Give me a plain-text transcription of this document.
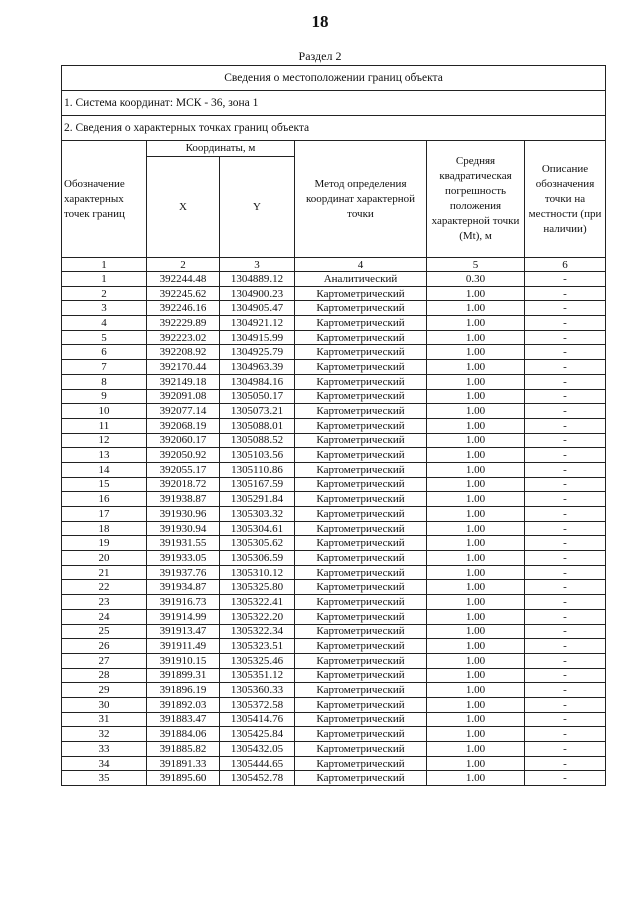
18
Раздел 2
Сведения о местоположении границ объекта					
1. Система координат: МСК - 36, зона 1					
2. Сведения о характерных точках границ объекта					
Обозначение характерных точек границ	Координаты, м		Метод определения координат характерной точки	Средняя квадратическая погрешность положения характерной точки (Mt), м	Описание обозначения точки на местности (при наличии)
	X	Y			
1	2	3	4	5	6
1	392244.48	1304889.12	Аналитический	0.30	-
2	392245.62	1304900.23	Картометрический	1.00	-
3	392246.16	1304905.47	Картометрический	1.00	-
4	392229.89	1304921.12	Картометрический	1.00	-
5	392223.02	1304915.99	Картометрический	1.00	-
6	392208.92	1304925.79	Картометрический	1.00	-
7	392170.44	1304963.39	Картометрический	1.00	-
8	392149.18	1304984.16	Картометрический	1.00	-
9	392091.08	1305050.17	Картометрический	1.00	-
10	392077.14	1305073.21	Картометрический	1.00	-
11	392068.19	1305088.01	Картометрический	1.00	-
12	392060.17	1305088.52	Картометрический	1.00	-
13	392050.92	1305103.56	Картометрический	1.00	-
14	392055.17	1305110.86	Картометрический	1.00	-
15	392018.72	1305167.59	Картометрический	1.00	-
16	391938.87	1305291.84	Картометрический	1.00	-
17	391930.96	1305303.32	Картометрический	1.00	-
18	391930.94	1305304.61	Картометрический	1.00	-
19	391931.55	1305305.62	Картометрический	1.00	-
20	391933.05	1305306.59	Картометрический	1.00	-
21	391937.76	1305310.12	Картометрический	1.00	-
22	391934.87	1305325.80	Картометрический	1.00	-
23	391916.73	1305322.41	Картометрический	1.00	-
24	391914.99	1305322.20	Картометрический	1.00	-
25	391913.47	1305322.34	Картометрический	1.00	-
26	391911.49	1305323.51	Картометрический	1.00	-
27	391910.15	1305325.46	Картометрический	1.00	-
28	391899.31	1305351.12	Картометрический	1.00	-
29	391896.19	1305360.33	Картометрический	1.00	-
30	391892.03	1305372.58	Картометрический	1.00	-
31	391883.47	1305414.76	Картометрический	1.00	-
32	391884.06	1305425.84	Картометрический	1.00	-
33	391885.82	1305432.05	Картометрический	1.00	-
34	391891.33	1305444.65	Картометрический	1.00	-
35	391895.60	1305452.78	Картометрический	1.00	-
